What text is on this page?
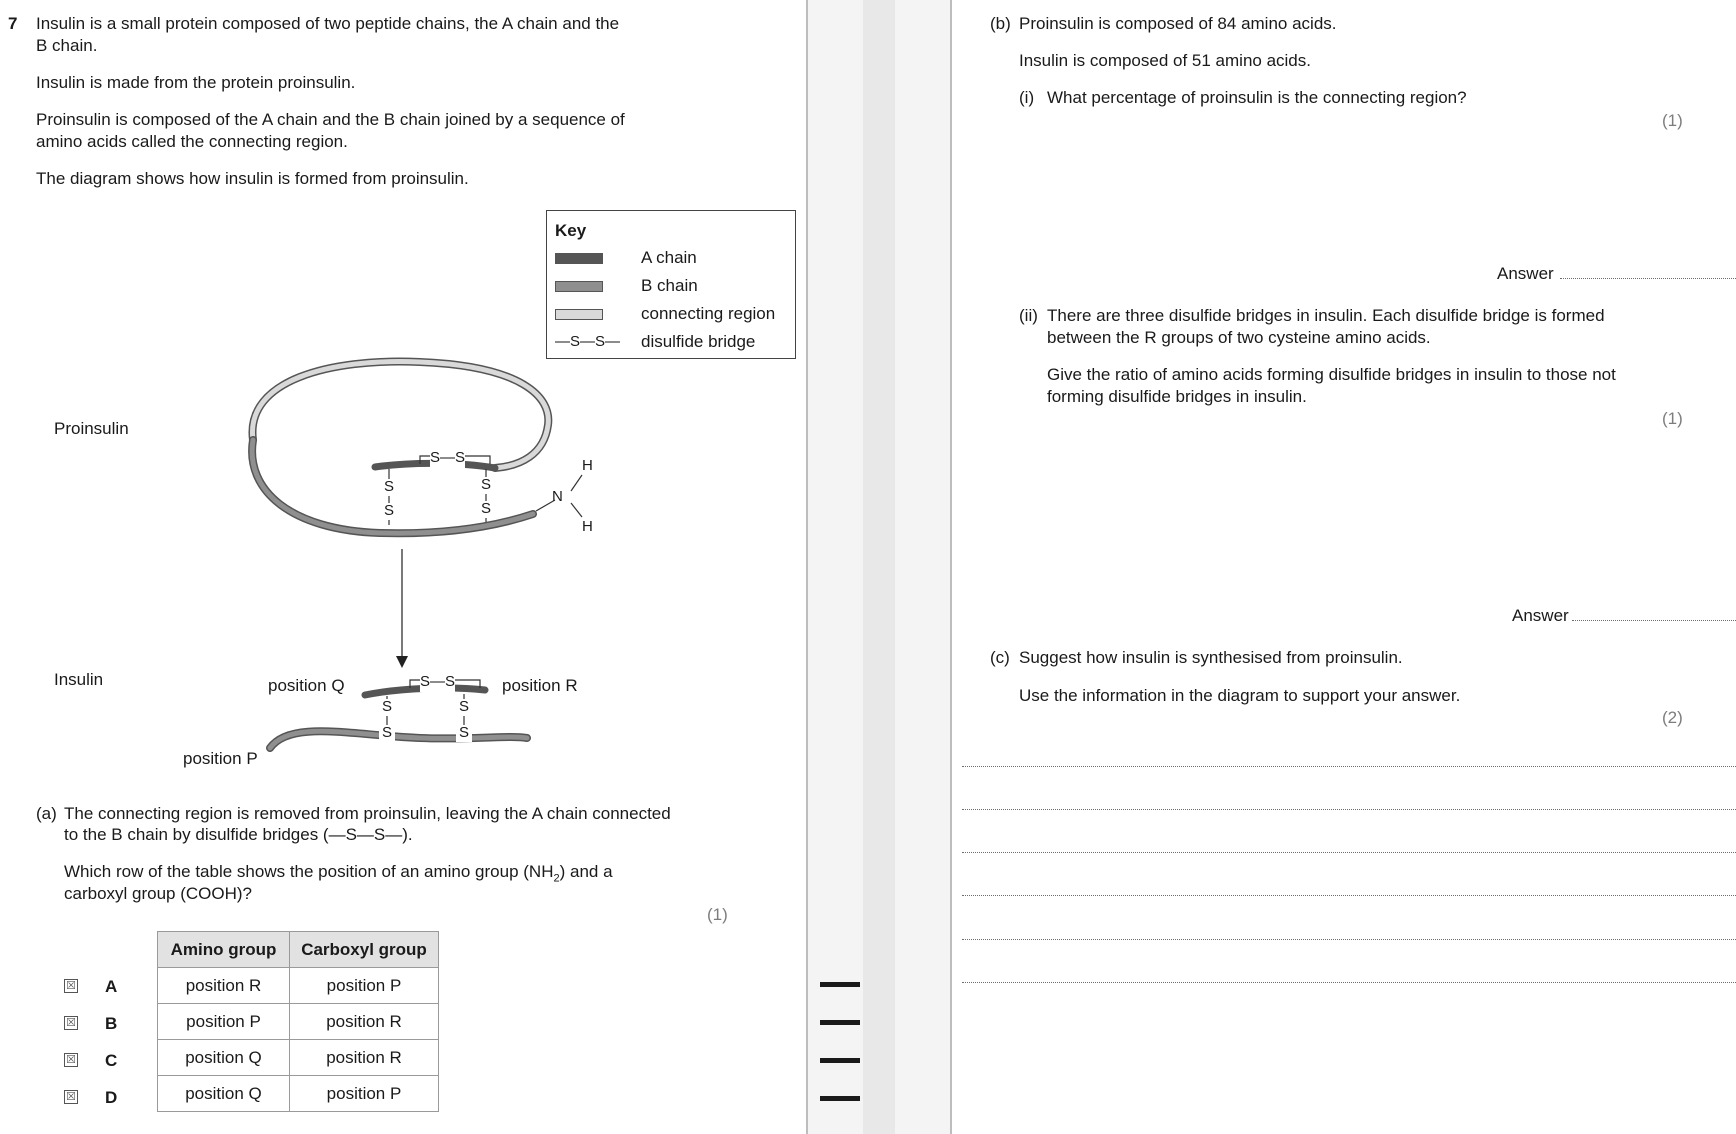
7 Insulin is a small protein composed of two peptide chains, the A chain and the
B chain.
Insulin is made from the protein proinsulin.
Proinsulin is composed of the A chain and the B chain joined by a sequence of
amino acids called the connecting region.
The diagram shows how insulin is formed from proinsulin.
Key
A chain
B chain
connecting region
—S—S— disulfide bridge
Proinsulin
S—S
S
S
S
S
H
N
H
Insulin	position Q	S—S	position R
S
S
S
S
position P
(a) The connecting region is removed from proinsulin, leaving the A chain connected
to the B chain by disulfide bridges (—S—S—).
Which row of the table shows the position of an amino group $(NH_2)$ and a
carboxyl group (COOH)?
(1)
Amino group	Carboxyl group
position R	position P
position P	position R
position Q	position R
position Q	position P
☒ A
☒ B
☒ C
☒ D
(b) Proinsulin is composed of 84 amino acids.
Insulin is composed of 51 amino acids.
(i) What percentage of proinsulin is the connecting region?
(1)
Answer
(ii) There are three disulfide bridges in insulin. Each disulfide bridge is formed
between the R groups of two cysteine amino acids.
Give the ratio of amino acids forming disulfide bridges in insulin to those not
forming disulfide bridges in insulin.
(1)
Answer
(c) Suggest how insulin is synthesised from proinsulin.
Use the information in the diagram to support your answer.
(2)
